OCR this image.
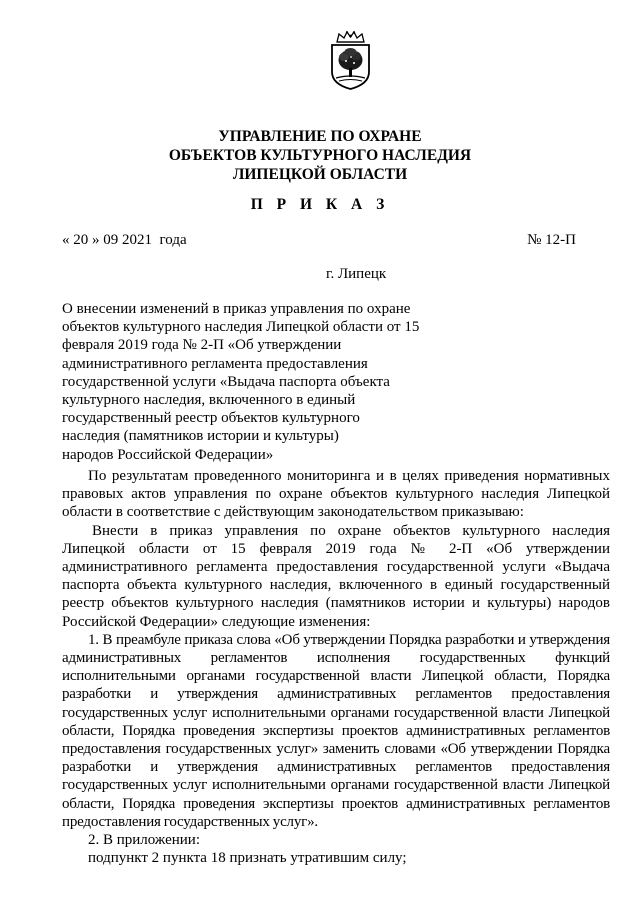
УПРАВЛЕНИЕ ПО ОХРАНЕ
ОБЪЕКТОВ КУЛЬТУРНОГО НАСЛЕДИЯ
ЛИПЕЦКОЙ ОБЛАСТИ
П Р И К А З
« 20 » 09 2021  года	№ 12-П
г. Липецк
О внесении изменений в приказ управления по охране
объектов культурного наследия Липецкой области от 15
февраля 2019 года № 2-П «Об утверждении
административного регламента предоставления
государственной услуги «Выдача паспорта объекта
культурного наследия, включенного в единый
государственный реестр объектов культурного
наследия (памятников истории и культуры)
народов Российской Федерации»

По результатам проведенного мониторинга и в целях приведения нормативных правовых актов управления по охране объектов культурного наследия Липецкой области в соответствие с действующим законодательством приказываю:

Внести в приказ управления по охране объектов культурного наследия Липецкой области от 15 февраля 2019 года № 2-П «Об утверждении административного регламента предоставления государственной услуги «Выдача паспорта объекта культурного наследия, включенного в единый государственный реестр объектов культурного наследия (памятников истории и культуры) народов Российской Федерации» следующие изменения:

1. В преамбуле приказа слова «Об утверждении Порядка разработки и утверждения административных регламентов исполнения государственных функций исполнительными органами государственной власти Липецкой области, Порядка разработки и утверждения административных регламентов предоставления государственных услуг исполнительными органами государственной власти Липецкой области, Порядка проведения экспертизы проектов административных регламентов предоставления государственных услуг» заменить словами «Об утверждении Порядка разработки и утверждения административных регламентов предоставления государственных услуг исполнительными органами государственной власти Липецкой области, Порядка проведения экспертизы проектов административных регламентов предоставления государственных услуг».

2. В приложении:

подпункт 2 пункта 18 признать утратившим силу;
